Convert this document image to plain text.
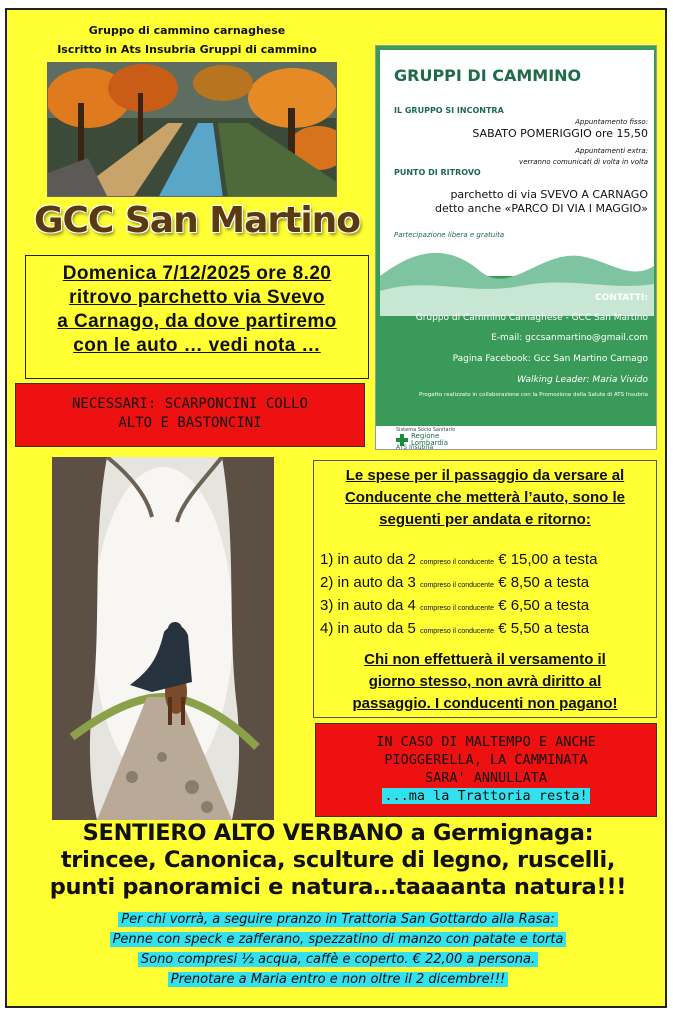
Gruppo di cammino carnaghese
Iscritto in Ats Insubria Gruppi di cammino
GCC San Martino

Domenica 7/12/2025 ore 8.20

ritrovo parchetto via Svevo

a Carnago, da dove partiremo

con le auto … vedi nota …

NECESSARI: SCARPONCINI COLLO
ALTO E BASTONCINI
GRUPPI DI CAMMINO
IL GRUPPO SI INCONTRA
Appuntamento fisso:
SABATO POMERIGGIO ore 15,50
Appuntamenti extra:
verranno comunicati di volta in volta
PUNTO DI RITROVO
parchetto di via SVEVO A CARNAGO
detto anche «PARCO DI VIA I MAGGIO»
Partecipazione libera e gratuita
CONTATTI:
Gruppo di Cammino Carnaghese - GCC San Martino
E-mail: gccsanmartino@gmail.com
Pagina Facebook: Gcc San Martino Carnago
Walking Leader: Maria Vivido
Progetto realizzato in collaborazione con la Promozione della Salute di ATS Insubria
Sistema Socio Sanitario
Regione
Lombardia
ATS Insubria
Le spese per il passaggio da versare al
Conducente che metterà l’auto, sono le
seguenti per andata e ritorno:
1) in auto da 2 compreso il conducente € 15,00 a testa
2) in auto da 3 compreso il conducente € 8,50 a testa
3) in auto da 4 compreso il conducente € 6,50 a testa
4) in auto da 5 compreso il conducente € 5,50 a testa
Chi non effettuerà il versamento il
giorno stesso, non avrà diritto al
passaggio. I conducenti non pagano!
IN CASO DI MALTEMPO E ANCHE
PIOGGERELLA, LA CAMMINATA
SARA' ANNULLATA
...ma la Trattoria resta!
SENTIERO ALTO VERBANO a Germignaga:
trincee, Canonica, sculture di legno, ruscelli,
punti panoramici e natura…taaaanta natura!!!
Per chi vorrà, a seguire pranzo in Trattoria San Gottardo alla Rasa:
Penne con speck e zafferano, spezzatino di manzo con patate e torta
Sono compresi ½ acqua, caffè e coperto. € 22,00 a persona.
Prenotare a Maria entro e non oltre il 2 dicembre!!!
